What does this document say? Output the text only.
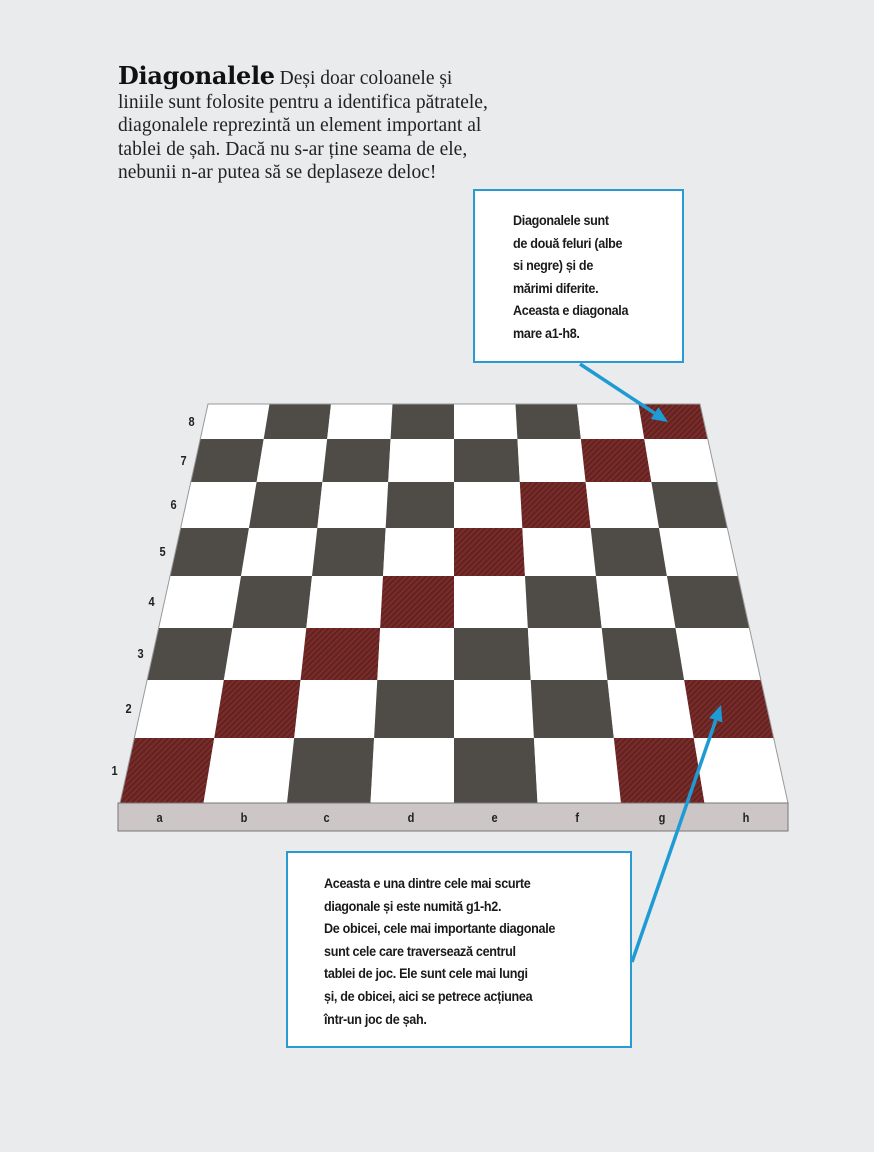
Diagonalele Deși doar coloanele și liniile sunt folosite pentru a identifica pătratele, diagonalele reprezintă un element important al tablei de șah. Dacă nu s-ar ține seama de ele, nebunii n-ar putea să se deplaseze deloc!
a	b	c	d	e	f	g	h
1
2
3
4
5
6
7
8
Diagonalele sunt
de două feluri (albe
si negre) și de
mărimi diferite.
Aceasta e diagonala
mare a1-h8.
Aceasta e una dintre cele mai scurte
diagonale și este numită g1-h2.
De obicei, cele mai importante diagonale
sunt cele care traversează centrul
tablei de joc. Ele sunt cele mai lungi
și, de obicei, aici se petrece acțiunea
într-un joc de șah.
